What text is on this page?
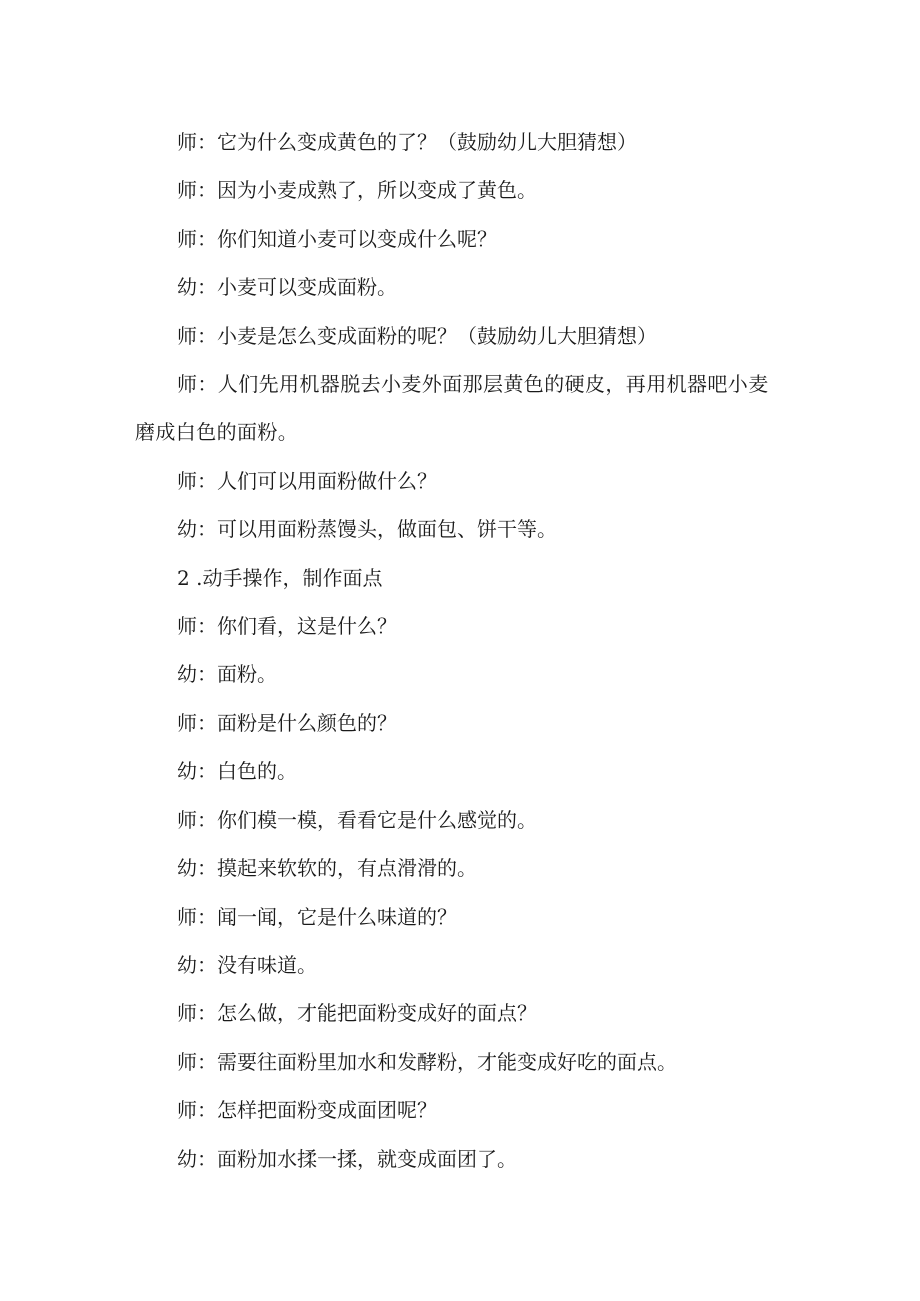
师：它为什么变成黄色的了？（鼓励幼儿大胆猜想）

师：因为小麦成熟了，所以变成了黄色。

师：你们知道小麦可以变成什么呢？

幼：小麦可以变成面粉。

师：小麦是怎么变成面粉的呢？（鼓励幼儿大胆猜想）

师：人们先用机器脱去小麦外面那层黄色的硬皮，再用机器吧小麦磨成白色的面粉。

师：人们可以用面粉做什么？

幼：可以用面粉蒸馒头，做面包、饼干等。

2 .动手操作，制作面点

师：你们看，这是什么？

幼：面粉。

师：面粉是什么颜色的？

幼：白色的。

师：你们模一模，看看它是什么感觉的。

幼：摸起来软软的，有点滑滑的。

师：闻一闻，它是什么味道的？

幼：没有味道。

师：怎么做，才能把面粉变成好的面点？

师：需要往面粉里加水和发酵粉，才能变成好吃的面点。

师：怎样把面粉变成面团呢？

幼：面粉加水揉一揉，就变成面团了。
